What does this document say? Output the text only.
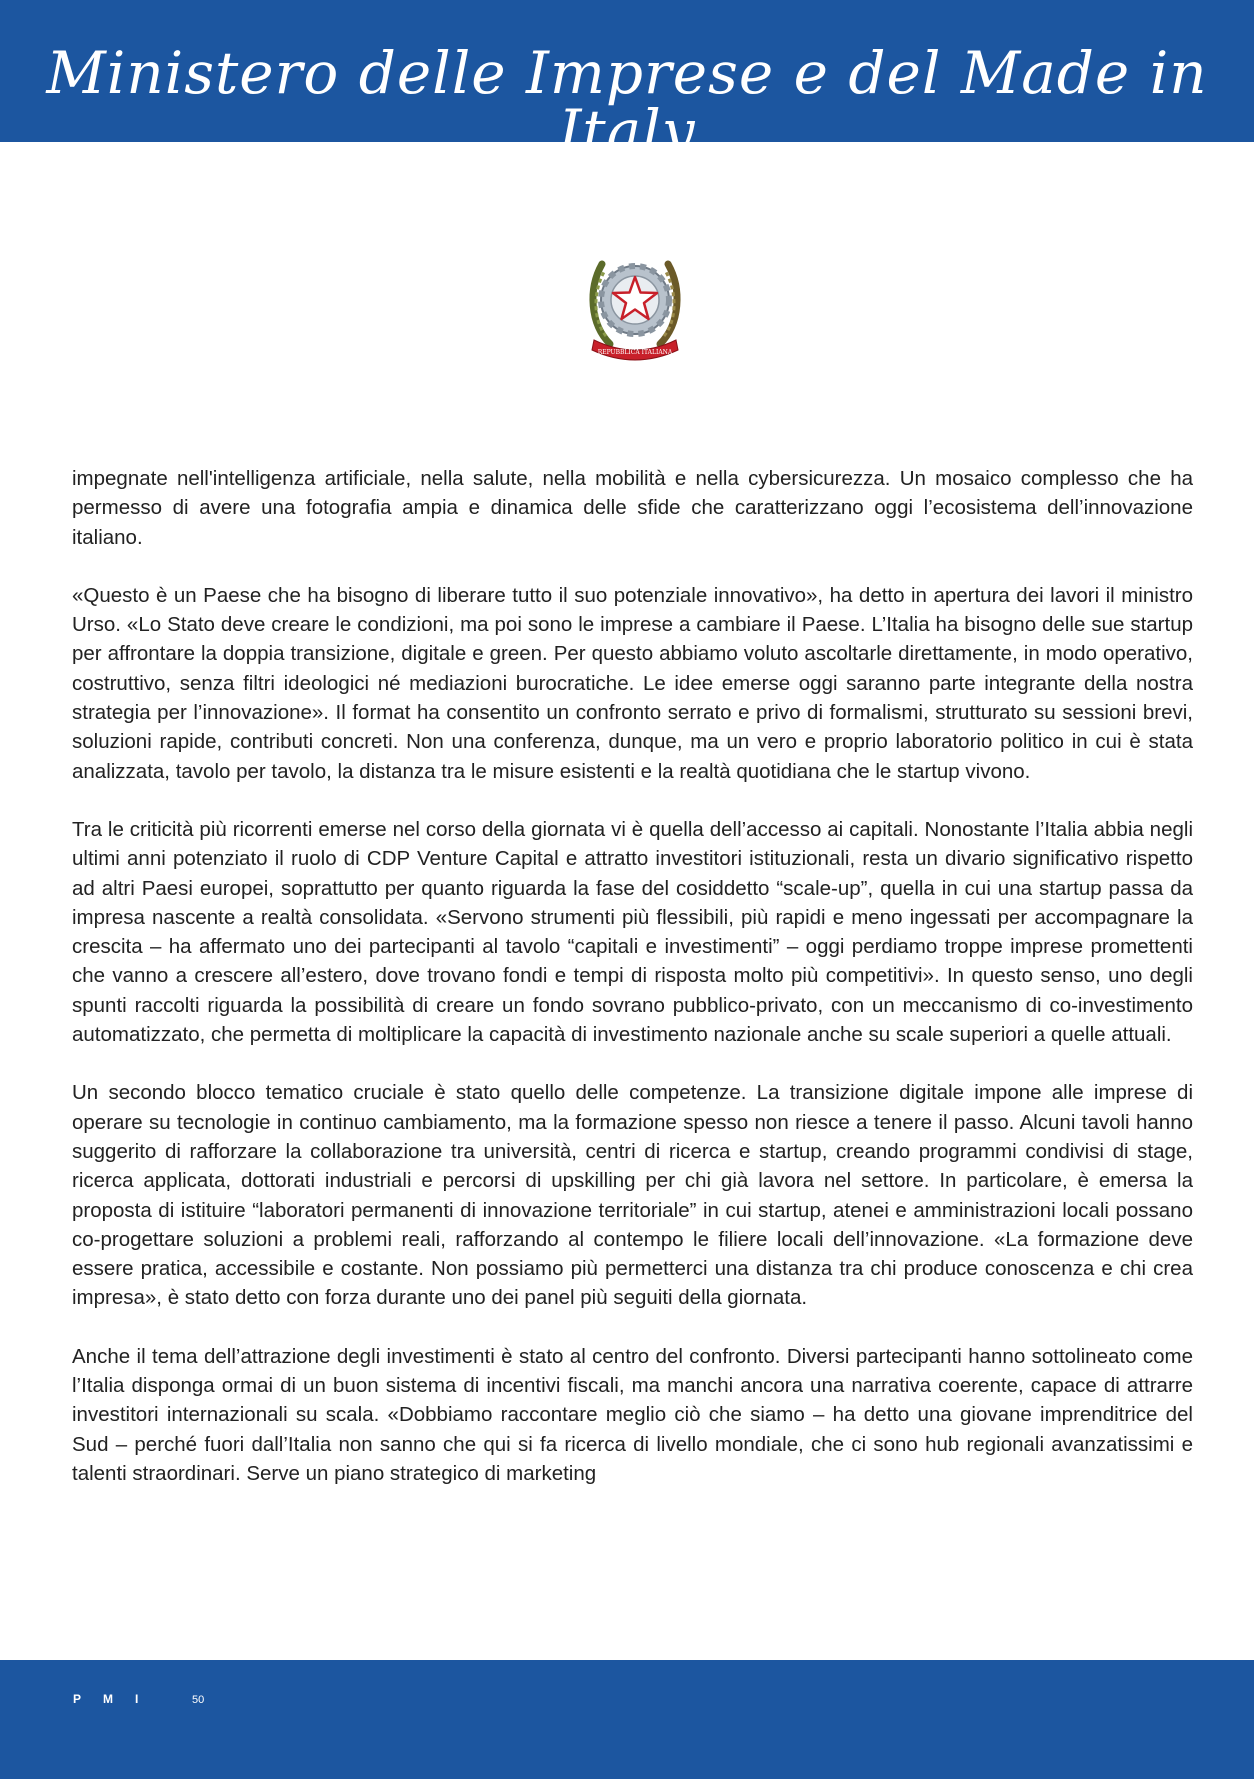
Ministero delle Imprese e del Made in Italy
REPUBBLICA ITALIANA

impegnate nell'intelligenza artificiale, nella salute, nella mobilità e nella cybersicurezza. Un mosaico complesso che ha permesso di avere una fotografia ampia e dinamica delle sfide che caratterizzano oggi l’ecosistema dell’innovazione italiano.

«Questo è un Paese che ha bisogno di liberare tutto il suo potenziale innovativo», ha detto in apertura dei lavori il ministro Urso. «Lo Stato deve creare le condizioni, ma poi sono le imprese a cambiare il Paese. L’Italia ha bisogno delle sue startup per affrontare la doppia transizione, digitale e green. Per questo abbiamo voluto ascoltarle direttamente, in modo operativo, costruttivo, senza filtri ideologici né mediazioni burocratiche. Le idee emerse oggi saranno parte integrante della nostra strategia per l’innovazione». Il format ha consentito un confronto serrato e privo di formalismi, strutturato su sessioni brevi, soluzioni rapide, contributi concreti. Non una conferenza, dunque, ma un vero e proprio laboratorio politico in cui è stata analizzata, tavolo per tavolo, la distanza tra le misure esistenti e la realtà quotidiana che le startup vivono.

Tra le criticità più ricorrenti emerse nel corso della giornata vi è quella dell’accesso ai capitali. Nonostante l’Italia abbia negli ultimi anni potenziato il ruolo di CDP Venture Capital e attratto investitori istituzionali, resta un divario significativo rispetto ad altri Paesi europei, soprattutto per quanto riguarda la fase del cosiddetto “scale-up”, quella in cui una startup passa da impresa nascente a realtà consolidata. «Servono strumenti più flessibili, più rapidi e meno ingessati per accompagnare la crescita – ha affermato uno dei partecipanti al tavolo “capitali e investimenti” – oggi perdiamo troppe imprese promettenti che vanno a crescere all’estero, dove trovano fondi e tempi di risposta molto più competitivi». In questo senso, uno degli spunti raccolti riguarda la possibilità di creare un fondo sovrano pubblico-privato, con un meccanismo di co-investimento automatizzato, che permetta di moltiplicare la capacità di investimento nazionale anche su scale superiori a quelle attuali.

Un secondo blocco tematico cruciale è stato quello delle competenze. La transizione digitale impone alle imprese di operare su tecnologie in continuo cambiamento, ma la formazione spesso non riesce a tenere il passo. Alcuni tavoli hanno suggerito di rafforzare la collaborazione tra università, centri di ricerca e startup, creando programmi condivisi di stage, ricerca applicata, dottorati industriali e percorsi di upskilling per chi già lavora nel settore. In particolare, è emersa la proposta di istituire “laboratori permanenti di innovazione territoriale” in cui startup, atenei e amministrazioni locali possano co-progettare soluzioni a problemi reali, rafforzando al contempo le filiere locali dell’innovazione. «La formazione deve essere pratica, accessibile e costante. Non possiamo più permetterci una distanza tra chi produce conoscenza e chi crea impresa», è stato detto con forza durante uno dei panel più seguiti della giornata.

Anche il tema dell’attrazione degli investimenti è stato al centro del confronto. Diversi partecipanti hanno sottolineato come l’Italia disponga ormai di un buon sistema di incentivi fiscali, ma manchi ancora una narrativa coerente, capace di attrarre investitori internazionali su scala. «Dobbiamo raccontare meglio ciò che siamo – ha detto una giovane imprenditrice del Sud – perché fuori dall’Italia non sanno che qui si fa ricerca di livello mondiale, che ci sono hub regionali avanzatissimi e talenti straordinari. Serve un piano strategico di marketing

PMI	50
